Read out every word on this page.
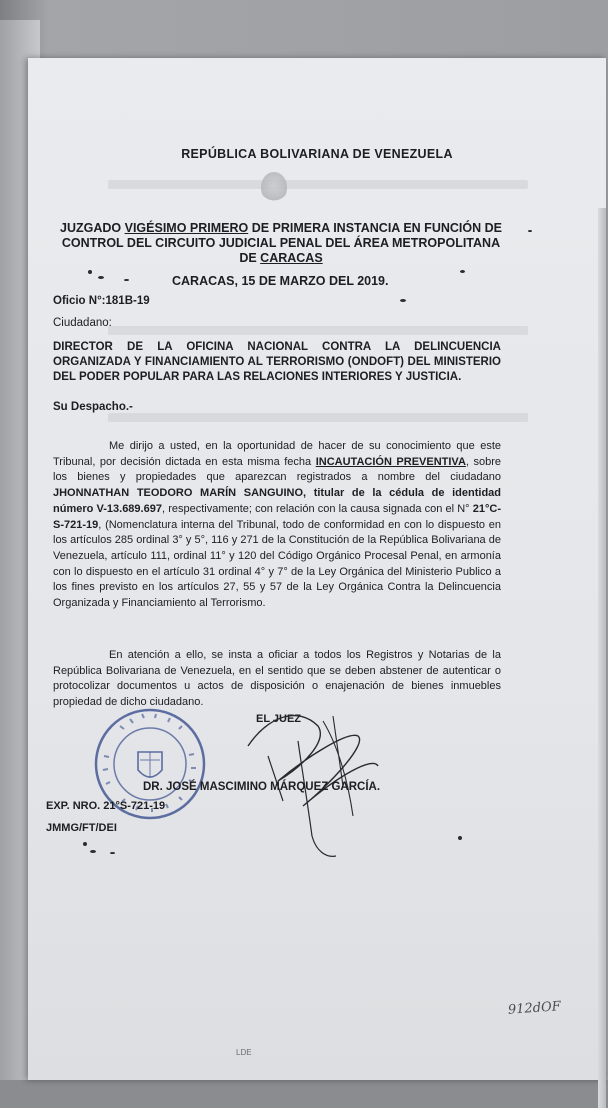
REPÚBLICA BOLIVARIANA DE VENEZUELA
JUZGADO VIGÉSIMO PRIMERO DE PRIMERA INSTANCIA EN FUNCIÓN DE CONTROL DEL CIRCUITO JUDICIAL PENAL DEL ÁREA METROPOLITANA DE CARACAS
CARACAS, 15 DE MARZO DEL 2019.
Oficio N°:181B-19
Ciudadano:
DIRECTOR DE LA OFICINA NACIONAL CONTRA LA DELINCUENCIA ORGANIZADA Y FINANCIAMIENTO AL TERRORISMO (ONDOFT) DEL MINISTERIO DEL PODER POPULAR PARA LAS RELACIONES INTERIORES Y JUSTICIA.
Su Despacho.-
Me dirijo a usted, en la oportunidad de hacer de su conocimiento que este Tribunal, por decisión dictada en esta misma fecha INCAUTACIÓN PREVENTIVA, sobre los bienes y propiedades que aparezcan registrados a nombre del ciudadano JHONNATHAN TEODORO MARÍN SANGUINO, titular de la cédula de identidad número V-13.689.697, respectivamente; con relación con la causa signada con el N° 21°C- S-721-19, (Nomenclatura interna del Tribunal, todo de conformidad en con lo dispuesto en los artículos 285 ordinal 3° y 5°, 116 y 271 de la Constitución de la República Bolivariana de Venezuela, artículo 111, ordinal 11° y 120 del Código Orgánico Procesal Penal, en armonía con lo dispuesto en el artículo 31 ordinal 4° y 7° de la Ley Orgánica del Ministerio Publico a los fines previsto en los artículos 27, 55 y 57 de la Ley Orgánica Contra la Delincuencia Organizada y Financiamiento al Terrorismo.
En atención a ello, se insta a oficiar a todos los Registros y Notarias de la República Bolivariana de Venezuela, en el sentido que se deben abstener de autenticar o protocolizar documentos u actos de disposición o enajenación de bienes inmuebles propiedad de dicho ciudadano.
EL JUEZ
DR. JOSÉ MASCIMINO MÁRQUEZ GARCÍA.
EXP. NRO. 21°S-721-19
JMMG/FT/DEI
912dOF
LDE
